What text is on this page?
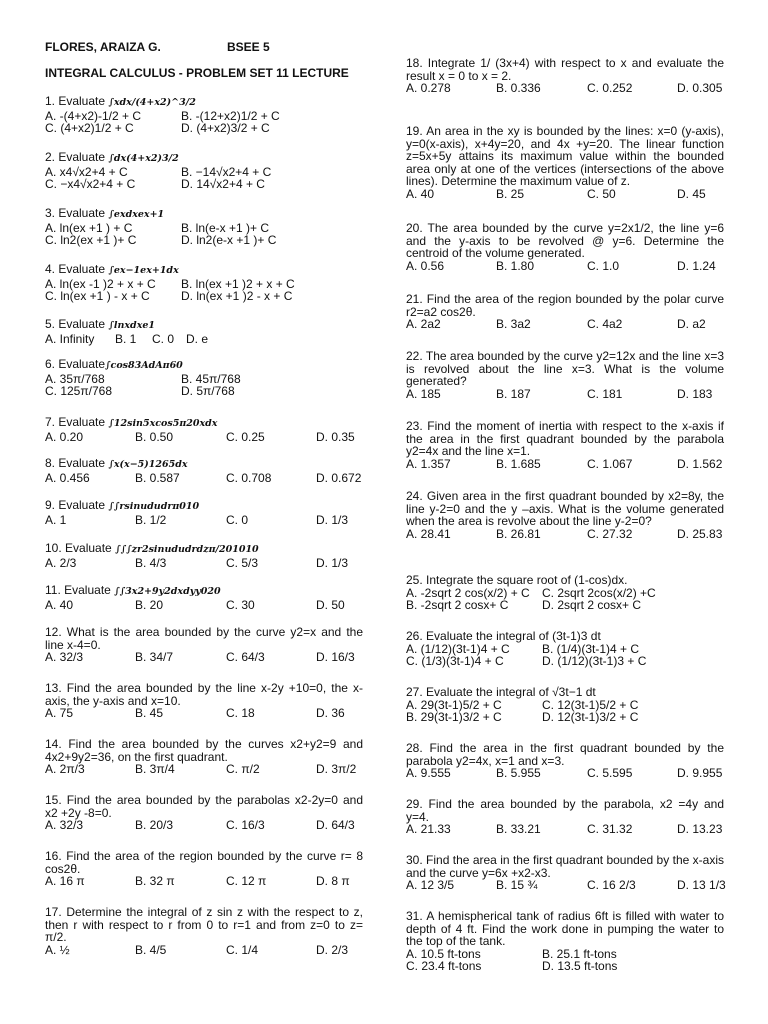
FLORES, ARAIZA G.	BSEE 5
INTEGRAL CALCULUS - PROBLEM SET 11 LECTURE
1. Evaluate ∫xdx/(4+x2)^3/2
A. -(4+x2)-1/2 + C	B. -(12+x2)1/2 + C
C. (4+x2)1/2 + C	D. (4+x2)3/2 + C
2. Evaluate ∫dx(4+x2)3/2
A. x4√x2+4 + C	B. −14√x2+4 + C
C. −x4√x2+4 + C	D. 14√x2+4 + C
3. Evaluate ∫exdxex+1
A. ln(ex +1 ) + C	B. ln(e-x +1 )+ C
C. ln2(ex +1 )+ C	D. ln2(e-x +1 )+ C
4. Evaluate ∫ex−1ex+1dx
A. ln(ex -1 )2 + x + C B. ln(ex +1 )2 + x + C
C. ln(ex +1 ) - x + C	D. ln(ex +1 )2 - x + C
5. Evaluate ∫lnxdxe1
A. Infinity B. 1 C. 0 D. e
6. Evaluate∫cos83AdAπ60
A. 35π/768	B. 45π/768
C. 125π/768	D. 5π/768
7. Evaluate ∫12sin5xcos5π20xdx
A. 0.20	B. 0.50	C. 0.25	D. 0.35
8. Evaluate ∫x(x−5)1265dx
A. 0.456	B. 0.587	C. 0.708	D. 0.672
9. Evaluate ∫∫rsinududrπ010
A. 1	B. 1/2	C. 0	D. 1/3
10. Evaluate ∫∫∫zr2sinududrdzπ/201010
A. 2/3	B. 4/3	C. 5/3	D. 1/3
11. Evaluate ∫∫3x2+9y2dxdyy020
A. 40	B. 20	C. 30	D. 50
12. What is the area bounded by the curve y2=x and the line x-4=0.
A. 32/3	B. 34/7	C. 64/3	D. 16/3
13. Find the area bounded by the line x-2y +10=0, the x-axis, the y-axis and x=10.
A. 75	B. 45	C. 18	D. 36
14. Find the area bounded by the curves x2+y2=9 and 4x2+9y2=36, on the first quadrant.
A. 2π/3	B. 3π/4	C. π/2	D. 3π/2
15. Find the area bounded by the parabolas x2-2y=0 and x2 +2y -8=0.
A. 32/3	B. 20/3	C. 16/3	D. 64/3
16. Find the area of the region bounded by the curve r= 8 cos2θ.
A. 16 π	B. 32 π	C. 12 π	D. 8 π
17. Determine the integral of z sin z with the respect to z, then r with respect to r from 0 to r=1 and from z=0 to z= π/2.
A. ½	B. 4/5	C. 1/4	D. 2/3
18. Integrate 1/ (3x+4) with respect to x and evaluate the result x = 0 to x = 2.
A. 0.278	B. 0.336	C. 0.252	D. 0.305
19. An area in the xy is bounded by the lines: x=0 (y-axis), y=0(x-axis), x+4y=20, and 4x +y=20. The linear function z=5x+5y attains its maximum value within the bounded area only at one of the vertices (intersections of the above lines). Determine the maximum value of z.
A. 40	B. 25	C. 50	D. 45
20. The area bounded by the curve y=2x1/2, the line y=6 and the y-axis to be revolved @ y=6. Determine the centroid of the volume generated.
A. 0.56	B. 1.80	C. 1.0	D. 1.24
21. Find the area of the region bounded by the polar curve r2=a2 cos2θ.
A. 2a2	B. 3a2	C. 4a2	D. a2
22. The area bounded by the curve y2=12x and the line x=3 is revolved about the line x=3. What is the volume generated?
A. 185	B. 187	C. 181	D. 183
23. Find the moment of inertia with respect to the x-axis if the area in the first quadrant bounded by the parabola y2=4x and the line x=1.
A. 1.357	B. 1.685	C. 1.067	D. 1.562
24. Given area in the first quadrant bounded by x2=8y, the line y-2=0 and the y –axis. What is the volume generated when the area is revolve about the line y-2=0?
A. 28.41	B. 26.81	C. 27.32	D. 25.83
25. Integrate the square root of (1-cos)dx.
A. -2sqrt 2 cos(x/2) + C C. 2sqrt 2cos(x/2) +C
B. -2sqrt 2 cosx+ C	D. 2sqrt 2 cosx+ C
26. Evaluate the integral of (3t-1)3 dt
A. (1/12)(3t-1)4 + C	B. (1/4)(3t-1)4 + C
C. (1/3)(3t-1)4 + C	D. (1/12)(3t-1)3 + C
27. Evaluate the integral of √3t−1 dt
A. 29(3t-1)5/2 + C	C. 12(3t-1)5/2 + C
B. 29(3t-1)3/2 + C	D. 12(3t-1)3/2 + C
28. Find the area in the first quadrant bounded by the parabola y2=4x, x=1 and x=3.
A. 9.555	B. 5.955	C. 5.595	D. 9.955
29. Find the area bounded by the parabola, x2 =4y and y=4.
A. 21.33	B. 33.21	C. 31.32	D. 13.23
30. Find the area in the first quadrant bounded by the x-axis and the curve y=6x +x2-x3.
A. 12 3/5	B. 15 ¾	C. 16 2/3	D. 13 1/3
31. A hemispherical tank of radius 6ft is filled with water to depth of 4 ft. Find the work done in pumping the water to the top of the tank.
A. 10.5 ft-tons	B. 25.1 ft-tons
C. 23.4 ft-tons	D. 13.5 ft-tons
